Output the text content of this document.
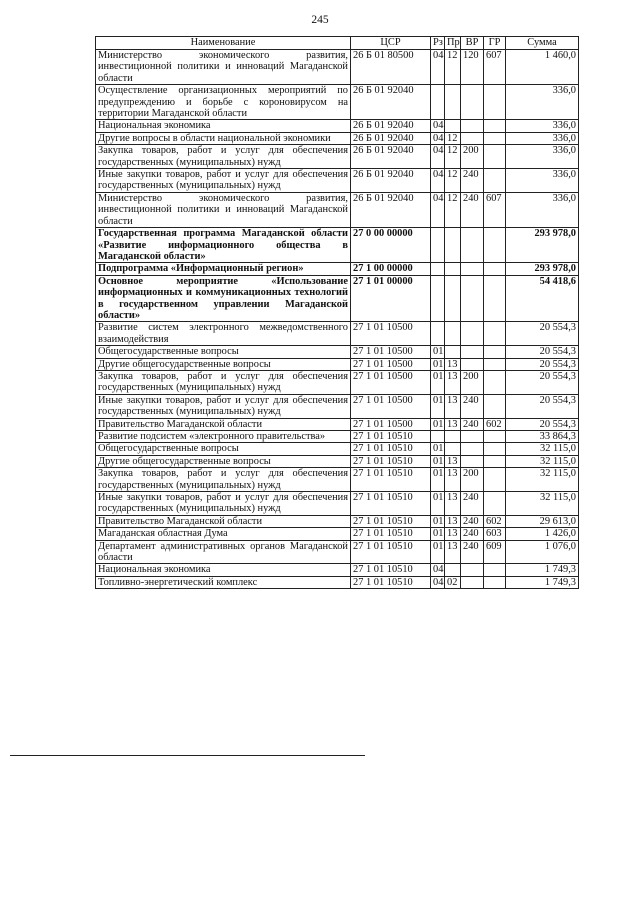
245
Наименование	ЦСР	Рз	Пр	ВР	ГР	Сумма
Министерство экономического развития, инвестиционной политики и инноваций Магаданской области	26 Б 01 80500	04	12	120	607	1 460,0
Осуществление организационных мероприятий по предупреждению и борьбе с короновирусом на территории Магаданской области	26 Б 01 92040					336,0
Национальная экономика	26 Б 01 92040	04				336,0
Другие вопросы в области национальной экономики	26 Б 01 92040	04	12			336,0
Закупка товаров, работ и услуг для обеспечения государственных (муниципальных) нужд	26 Б 01 92040	04	12	200		336,0
Иные закупки товаров, работ и услуг для обеспечения государственных (муниципальных) нужд	26 Б 01 92040	04	12	240		336,0
Министерство экономического развития, инвестиционной политики и инноваций Магаданской области	26 Б 01 92040	04	12	240	607	336,0
Государственная программа Магаданской области «Развитие информационного общества в Магаданской области»	27 0 00 00000					293 978,0
Подпрограмма «Информационный регион»	27 1 00 00000					293 978,0
Основное мероприятие «Использование информационных и коммуникационных технологий в государственном управлении Магаданской области»	27 1 01 00000					54 418,6
Развитие систем электронного межведомственного взаимодействия	27 1 01 10500					20 554,3
Общегосударственные вопросы	27 1 01 10500	01				20 554,3
Другие общегосударственные вопросы	27 1 01 10500	01	13			20 554,3
Закупка товаров, работ и услуг для обеспечения государственных (муниципальных) нужд	27 1 01 10500	01	13	200		20 554,3
Иные закупки товаров, работ и услуг для обеспечения государственных (муниципальных) нужд	27 1 01 10500	01	13	240		20 554,3
Правительство Магаданской области	27 1 01 10500	01	13	240	602	20 554,3
Развитие подсистем «электронного правительства»	27 1 01 10510					33 864,3
Общегосударственные вопросы	27 1 01 10510	01				32 115,0
Другие общегосударственные вопросы	27 1 01 10510	01	13			32 115,0
Закупка товаров, работ и услуг для обеспечения государственных (муниципальных) нужд	27 1 01 10510	01	13	200		32 115,0
Иные закупки товаров, работ и услуг для обеспечения государственных (муниципальных) нужд	27 1 01 10510	01	13	240		32 115,0
Правительство Магаданской области	27 1 01 10510	01	13	240	602	29 613,0
Магаданская областная Дума	27 1 01 10510	01	13	240	603	1 426,0
Департамент административных органов Магаданской области	27 1 01 10510	01	13	240	609	1 076,0
Национальная экономика	27 1 01 10510	04				1 749,3
Топливно-энергетический комплекс	27 1 01 10510	04	02			1 749,3
